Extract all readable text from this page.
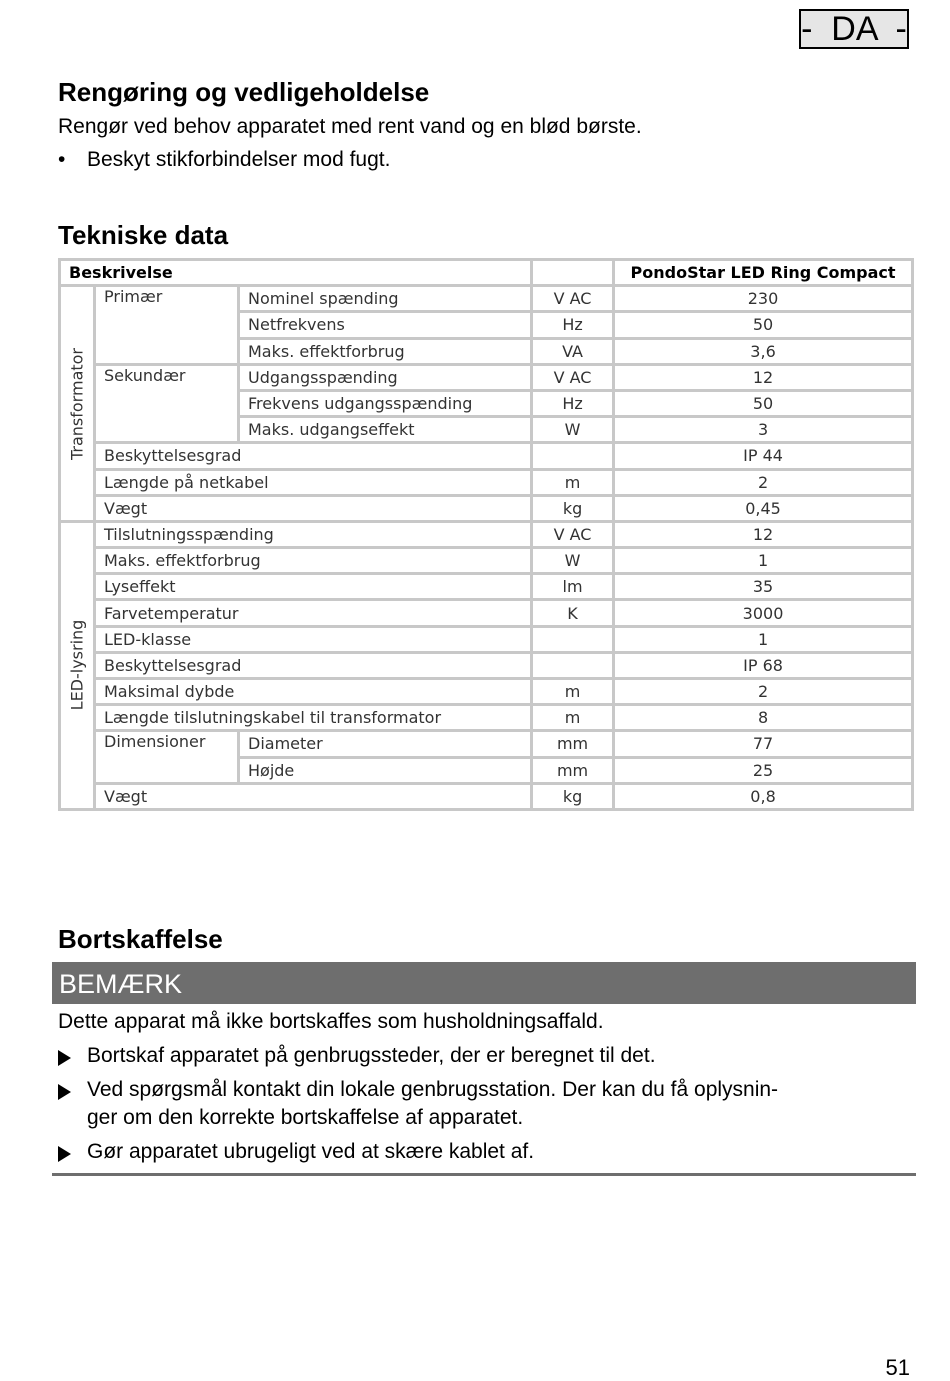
-  DA  -
Rengøring og vedligeholdelse

Rengør ved behov apparatet med rent vand og en blød børste.

• Beskyt stikforbindelser mod fugt.
Tekniske data
Beskrivelse				PondoStar LED Ring Compact

Transformator	Primær	Nominel spænding	V AC	230
		Netfrekvens	Hz	50
		Maks. effektforbrug	VA	3,6
	Sekundær	Udgangsspænding	V AC	12
		Frekvens udgangsspænding	Hz	50
		Maks. udgangseffekt	W	3
	Beskyttelsesgrad			IP 44
	Længde på netkabel		m	2
	Vægt		kg	0,45

LED-lysring	Tilslutningsspænding		V AC	12
	Maks. effektforbrug		W	1
	Lyseffekt		lm	35
	Farvetemperatur		K	3000
	LED-klasse			1
	Beskyttelsesgrad			IP 68
	Maksimal dybde		m	2
	Længde tilslutningskabel til transformator		m	8
	Dimensioner	Diameter	mm	77
		Højde	mm	25
	Vægt		kg	0,8
Bortskaffelse
BEMÆRK

Dette apparat må ikke bortskaffes som husholdningsaffald.

Bortskaf apparatet på genbrugssteder, der er beregnet til det.
Ved spørgsmål kontakt din lokale genbrugsstation. Der kan du få oplysnin-
ger om den korrekte bortskaffelse af apparatet.
Gør apparatet ubrugeligt ved at skære kablet af.
51
